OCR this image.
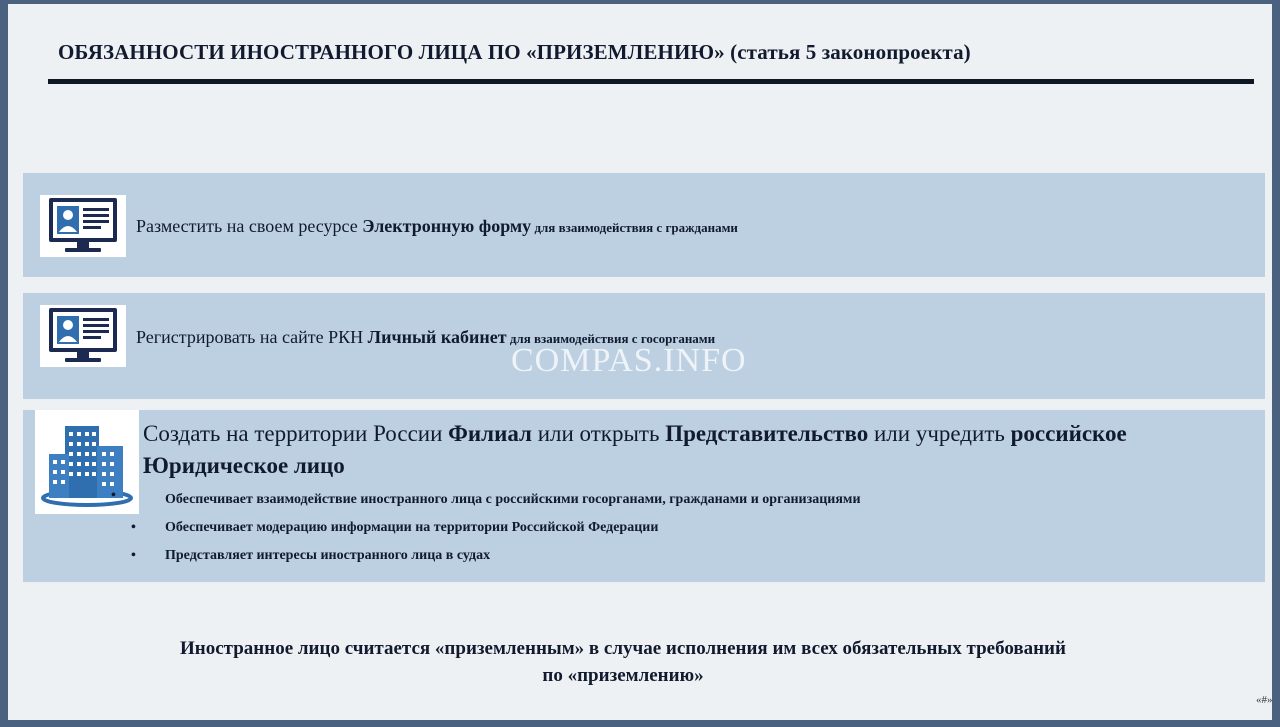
ОБЯЗАННОСТИ ИНОСТРАННОГО ЛИЦА ПО «ПРИЗЕМЛЕНИЮ» (статья 5 законопроекта)
Разместить на своем ресурсе Электронную форму для взаимодействия с гражданами
Регистрировать на сайте РКН Личный кабинет для взаимодействия с госорганами
Создать на территории России Филиал или открыть Представительство или учредить российское Юридическое лицо
•	Обеспечивает взаимодействие иностранного лица с российскими госорганами, гражданами и организациями
• Обеспечивает модерацию информации на территории Российской Федерации
• Представляет интересы иностранного лица в судах
COMPAS.INFO
Иностранное лицо считается «приземленным» в случае исполнения им всех обязательных требований
по «приземлению»
«#»
